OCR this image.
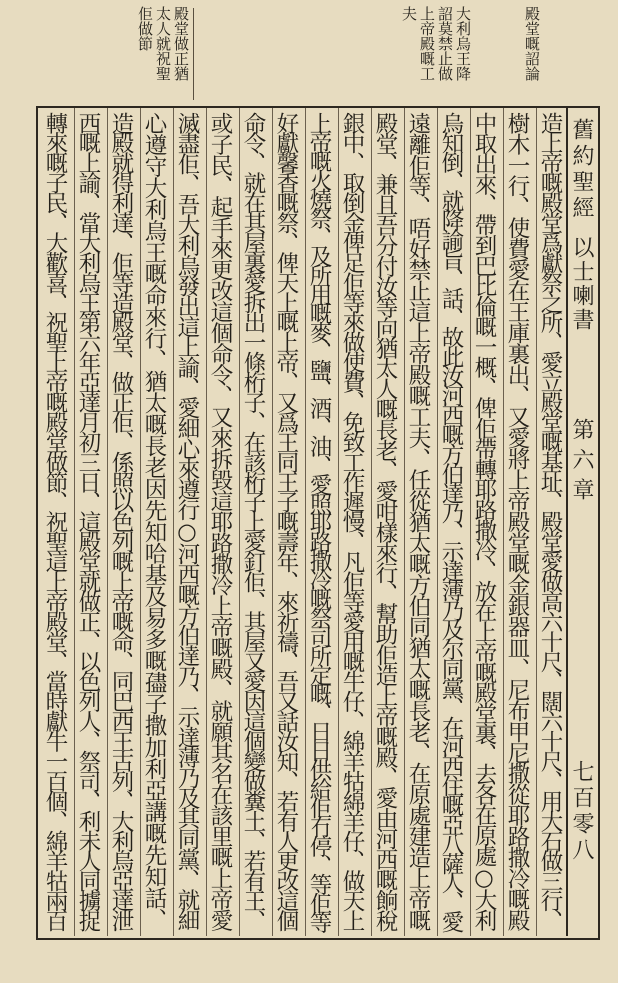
殿堂嘅詔論
大利烏王降
詔莫禁止做
上帝殿嘅工
夫
殿堂做正猶
太人就祝聖
佢做節
舊約聖經
以士喇書
第六章
七百零八
造上帝嘅殿堂爲獻祭之所、愛立殿堂嘅基址、殿堂愛做高六十尺、闊六十尺、用大石做三行、
樹木一行、使費愛在王庫裏出、又愛將上帝殿堂嘅金銀器皿、尼布甲尼撒從耶路撒冷嘅殿
中取出來、帶到巴比倫嘅一概、俾佢帶轉耶路撒冷、放在上帝嘅殿堂裏、去各在原處○大利
烏知倒、就降諭旨、話、故此汝河西嘅方伯達乃、示達薄乃及尔同黨、在河西住嘅亞八薩人、愛
遠離佢等、唔好禁止這上帝殿嘅工夫、任從猶太嘅方伯同猶太嘅長老、在原處建造上帝嘅
殿堂、兼且吾分付汝等向猶太人嘅長老、愛咁樣來行、幫助佢造上帝嘅殿、愛由河西嘅餉稅
銀中、取倒金俾足佢等來做使費、免致工作遲慢、凡佢等愛用嘅牛仔、綿羊牯綿羊仔、做天上
上帝嘅火燒祭、及所用嘅麥、鹽、酒、油、愛照耶路撒冷嘅祭司所定嘅、日日供給佢冇停、等佢等
好獻馨香嘅祭、俾天上嘅上帝、又爲王同王子嘅壽年、來祈禱、吾又話汝知、若有人更改這個
命令、就在其屋裏愛拆出一條桁子、在該桁子上愛釘佢、其屋又愛因這個變做糞土、若有王、
或子民、起手來更改這個命令、又來拆毀這耶路撒冷上帝嘅殿、就願其名在該里嘅上帝愛
滅盡佢、吾大利烏發出這上諭、愛細心來遵行○河西嘅方伯達乃、示達薄乃及其同黨、就細
心遵守大利烏王嘅命來行、猶太嘅長老因先知哈基及易多嘅孻子撒加利亞講嘅先知話、
造殿就得利達、佢等造殿堂、做正佢、係照以色列嘅上帝嘅命、同巴西王古列、大利烏亞達泄
西嘅上諭、當大利烏王第六年亞達月初三日、這殿堂就做正、以色列人、祭司、利未人同擄捉
轉來嘅子民、大歡喜、祝聖上帝嘅殿堂做節、祝聖這上帝殿堂、當時獻牛一百個、綿羊牯兩百
